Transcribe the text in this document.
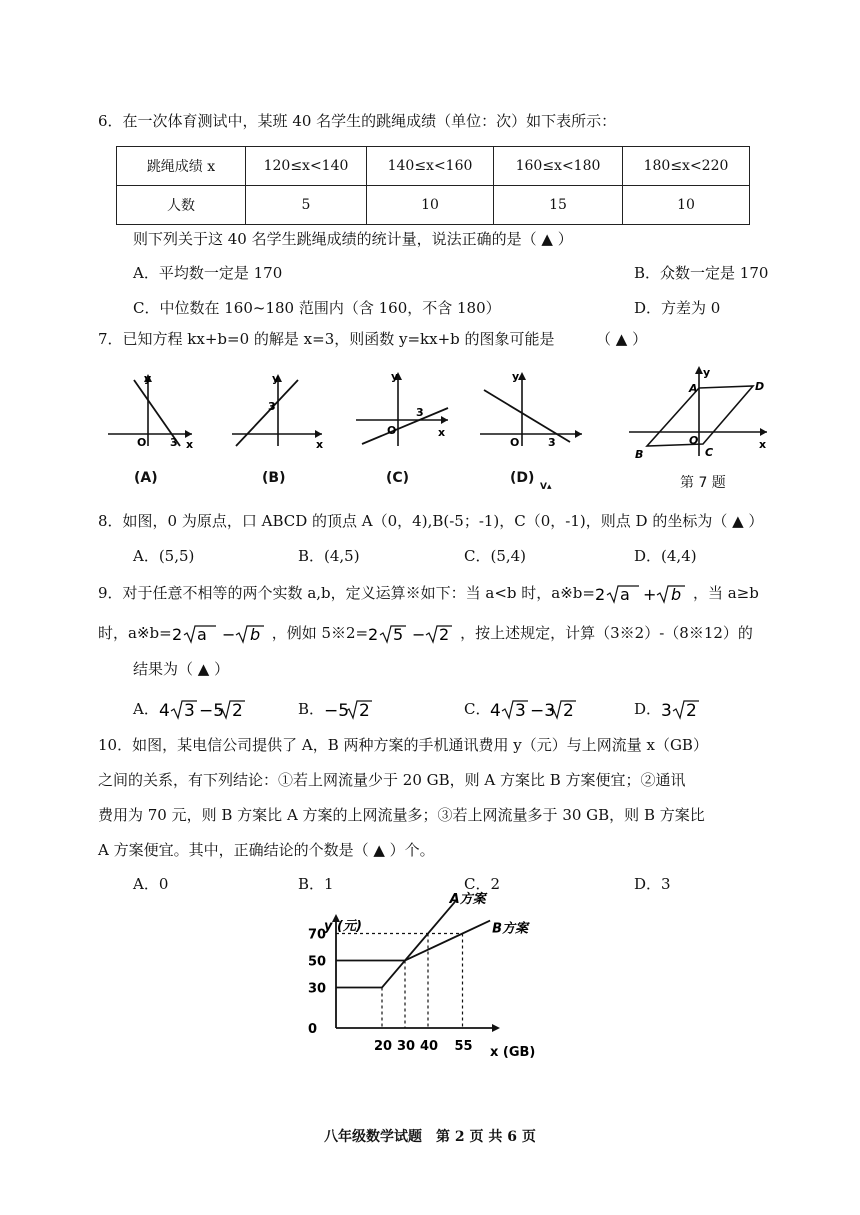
6．在一次体育测试中，某班 40 名学生的跳绳成绩（单位：次）如下表所示：
跳绳成绩 x	120≤x<140	140≤x<160	160≤x<180	180≤x<220
人数	5	10	15	10
则下列关于这 40 名学生跳绳成绩的统计量，说法正确的是（ ▲ ）
A．平均数一定是 170	B．众数一定是 170
C．中位数在 160~180 范围内（含 160，不含 180）	D．方差为 0
7．已知方程 kx+b=0 的解是 x=3，则函数 y=kx+b 的图象可能是	（ ▲ ）
y
x
O 3
(A)
y
x
3
(B)
y
x
O
3
(C)
y
O	3
(D)
V▴
y
x
A
B	C
D
O
第 7 题
8．如图，0 为原点，口 ABCD 的顶点 A（0，4),B(-5；-1)，C（0，-1)，则点 D 的坐标为（ ▲ ）
A．(5,5)	B．(4,5)	C．(5,4)	D．(4,4)
9．对于任意不相等的两个实数 a,b，定义运算※如下：当 a<b 时，a※b= 2 a + b ，当 a≥b
时，a※b= 2 a − b ，例如 5※2= 2 5 − 2 ，按上述规定，计算（3※2）-（8※12）的
结果为（ ▲ ）
A． 4 3 −5 2	B． −5 2	C． 4 3 −3 2	D． 3 2
10．如图，某电信公司提供了 A，B 两种方案的手机通讯费用 y（元）与上网流量 x（GB）
之间的关系，有下列结论：①若上网流量少于 20 GB，则 A 方案比 B 方案便宜；②通讯
费用为 70 元，则 B 方案比 A 方案的上网流量多；③若上网流量多于 30 GB，则 B 方案比
A 方案便宜。其中，正确结论的个数是（ ▲ ）个。
A．0	B．1	C．2	D．3
A方案
B方案
20 30 40 55
0
30
50
70
y (元)
x (GB)
八年级数学试题　第 2 页 共 6 页
